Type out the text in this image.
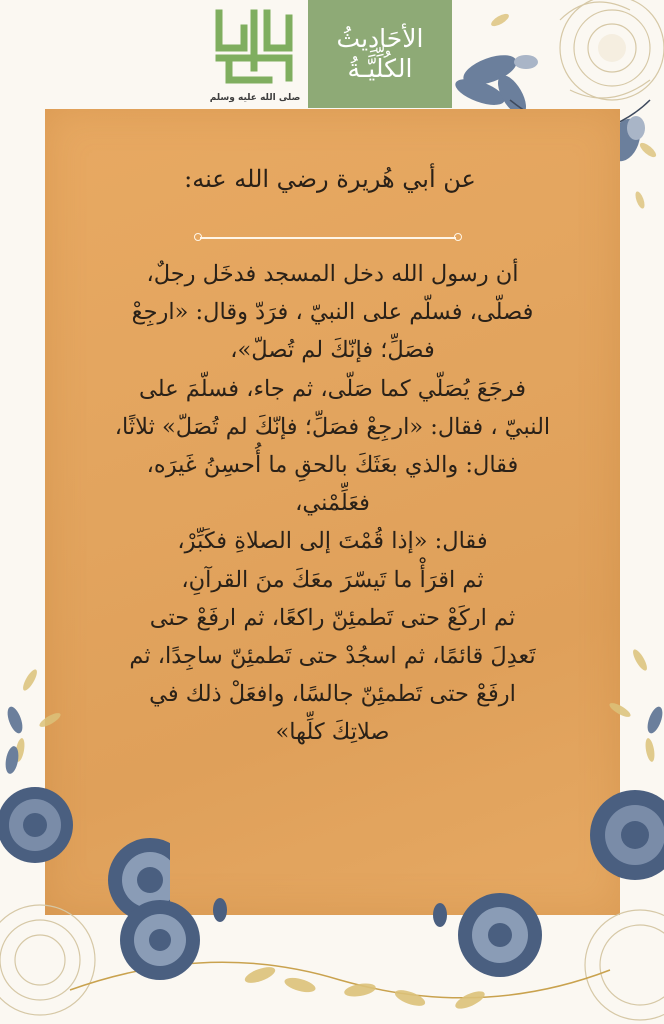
صلى الله عليه وسلم
الأحَادِيثُ
الكُلِّيَّـةُ
عن أبي هُريرة رضي الله عنه:
أن رسول الله دخل المسجد فدخَل رجلٌ،
فصلّى، فسلّم على النبيّ ، فرَدّ وقال: «ارجِعْ
فصَلِّ؛ فإنّكَ لم تُصلّ»،
فرجَعَ يُصَلّي كما صَلّى، ثم جاء، فسلّمَ على
النبيّ ، فقال: «ارجِعْ فصَلِّ؛ فإنّكَ لم تُصَلّ» ثلاثًا،
فقال: والذي بعَثَكَ بالحقِ ما أُحسِنُ غَيرَه،
فعَلِّمْني،
فقال: «إذا قُمْتَ إلى الصلاةِ فكَبِّرْ،
ثم اقرَأْ ما تَيسّرَ معَكَ منَ القرآنِ،
ثم اركَعْ حتى تَطمئِنّ راكعًا، ثم ارفَعْ حتى
تَعدِلَ قائمًا، ثم اسجُدْ حتى تَطمئِنّ ساجِدًا، ثم
ارفَعْ حتى تَطمئِنّ جالسًا، وافعَلْ ذلك في
صلاتِكَ كلِّها»
